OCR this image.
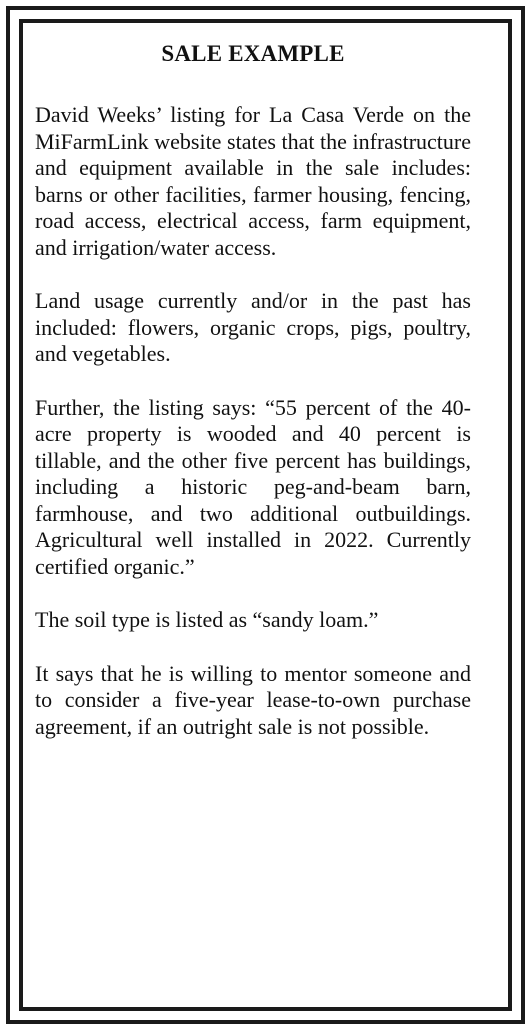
SALE EXAMPLE

David Weeks’ listing for La Casa Verde on the MiFarmLink website states that the infrastructure and equipment available in the sale includes: barns or other facilities, farmer housing, fencing, road access, electrical access, farm equipment, and irrigation/water access.

Land usage currently and/or in the past has included: flowers, organic crops, pigs, poultry, and vegetables.

Further, the listing says: “55 percent of the 40-acre property is wooded and 40 percent is tillable, and the other five percent has buildings, including a historic peg-and-beam barn, farmhouse, and two additional outbuildings. Agricultural well installed in 2022. Currently certified organic.”

The soil type is listed as “sandy loam.”

It says that he is willing to mentor someone and to consider a five-year lease-to-own purchase agreement, if an outright sale is not possible.
